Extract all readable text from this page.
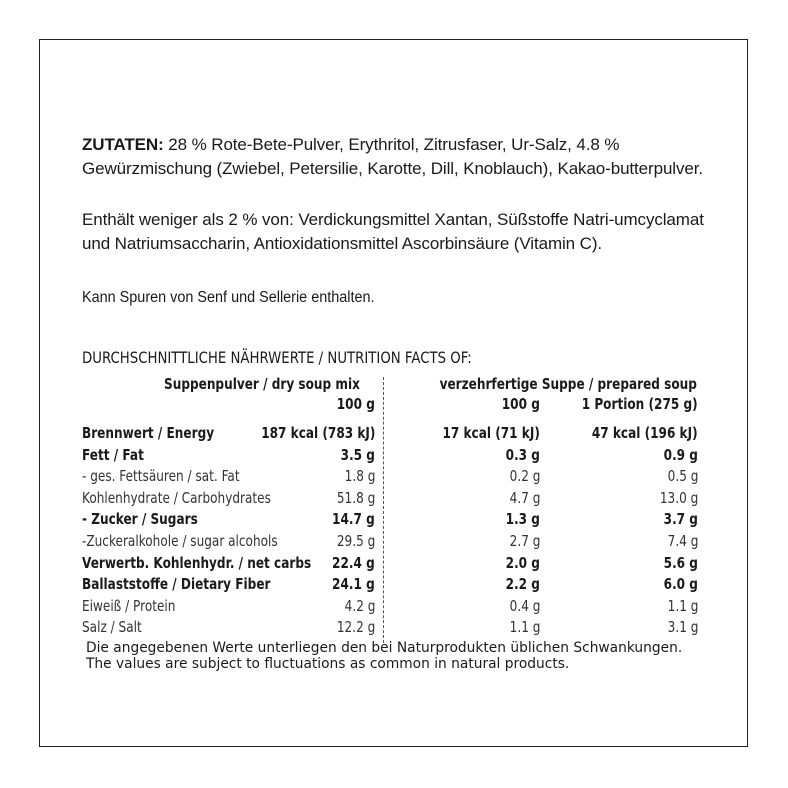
ZUTATEN: 28 % Rote-Bete-Pulver, Erythritol, Zitrusfaser, Ur-Salz, 4.8 % Gewürzmischung (Zwiebel, Petersilie, Karotte, Dill, Knoblauch), Kakao-butterpulver.

Enthält weniger als 2 % von: Verdickungsmittel Xantan, Süßstoffe Natri-umcyclamat und Natriumsaccharin, Antioxidationsmittel Ascorbinsäure (Vitamin C).

Kann Spuren von Senf und Sellerie enthalten.

DURCHSCHNITTLICHE NÄHRWERTE / NUTRITION FACTS OF:
Suppenpulver / dry soup mix	verzehrfertige Suppe / prepared soup
100 g	100 g	1 Portion (275 g)
Brennwert / Energy	187 kcal (783 kJ)	17 kcal (71 kJ)	47 kcal (196 kJ)
Fett / Fat	3.5 g	0.3 g	0.9 g
- ges. Fettsäuren / sat. Fat	1.8 g	0.2 g	0.5 g
Kohlenhydrate / Carbohydrates	51.8 g	4.7 g	13.0 g
- Zucker / Sugars	14.7 g	1.3 g	3.7 g
-Zuckeralkohole / sugar alcohols	29.5 g	2.7 g	7.4 g
Verwertb. Kohlenhydr. / net carbs 22.4 g	2.0 g	5.6 g
Ballaststoffe / Dietary Fiber	24.1 g	2.2 g	6.0 g
Eiweiß / Protein	4.2 g	0.4 g	1.1 g
Salz / Salt	12.2 g	1.1 g	3.1 g
Die angegebenen Werte unterliegen den bei Naturprodukten üblichen Schwankungen.
The values are subject to fluctuations as common in natural products.
